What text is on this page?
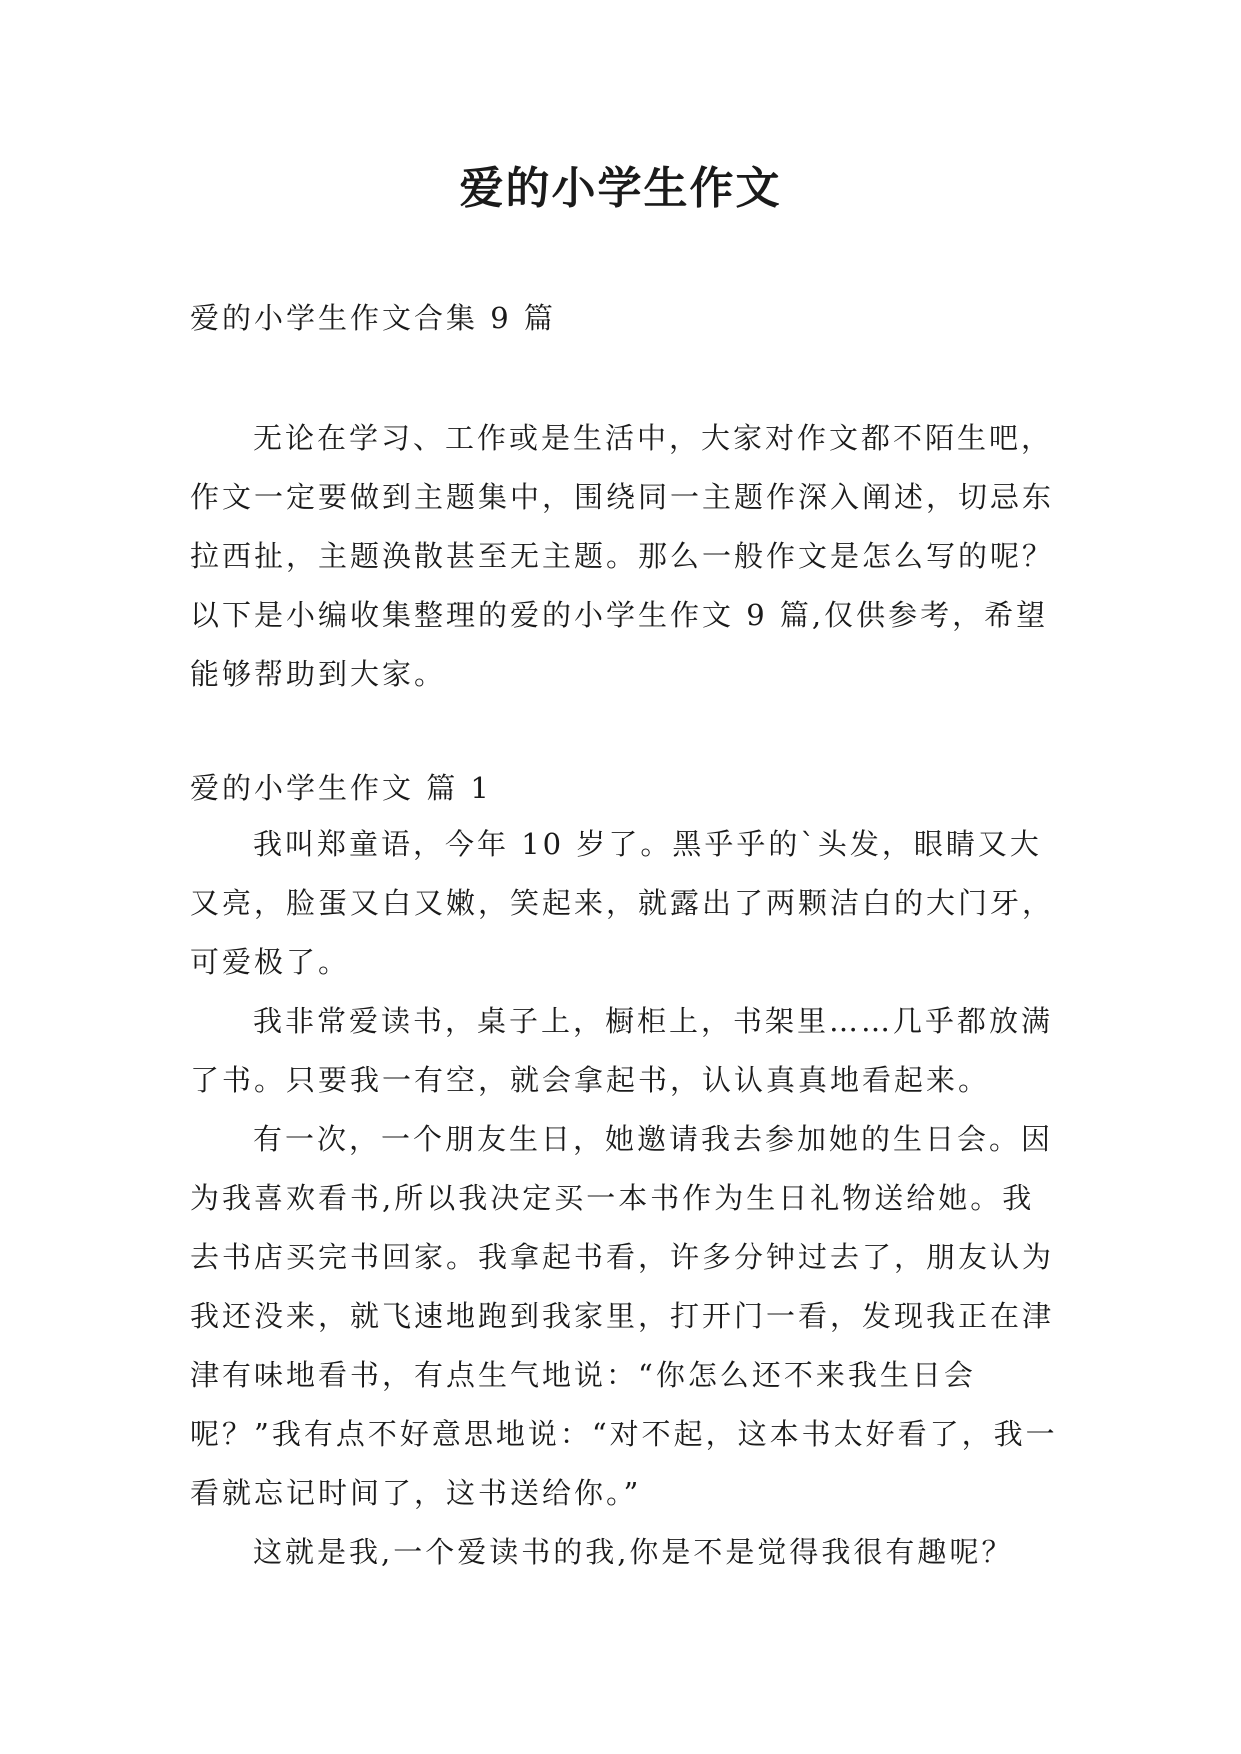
爱的小学生作文

爱的小学生作文合集 9 篇

无论在学习、工作或是生活中，大家对作文都不陌生吧，作文一定要做到主题集中，围绕同一主题作深入阐述，切忌东拉西扯，主题涣散甚至无主题。那么一般作文是怎么写的呢？以下是小编收集整理的爱的小学生作文 9 篇,仅供参考，希望能够帮助到大家。

爱的小学生作文 篇 1

我叫郑童语，今年 10 岁了。黑乎乎的`头发，眼睛又大又亮，脸蛋又白又嫩，笑起来，就露出了两颗洁白的大门牙，可爱极了。

我非常爱读书，桌子上，橱柜上，书架里……几乎都放满了书。只要我一有空，就会拿起书，认认真真地看起来。

有一次，一个朋友生日，她邀请我去参加她的生日会。因为我喜欢看书,所以我决定买一本书作为生日礼物送给她。我去书店买完书回家。我拿起书看，许多分钟过去了，朋友认为我还没来，就飞速地跑到我家里，打开门一看，发现我正在津津有味地看书，有点生气地说：“你怎么还不来我生日会呢？”我有点不好意思地说：“对不起，这本书太好看了，我一看就忘记时间了，这书送给你。”

这就是我,一个爱读书的我,你是不是觉得我很有趣呢？
